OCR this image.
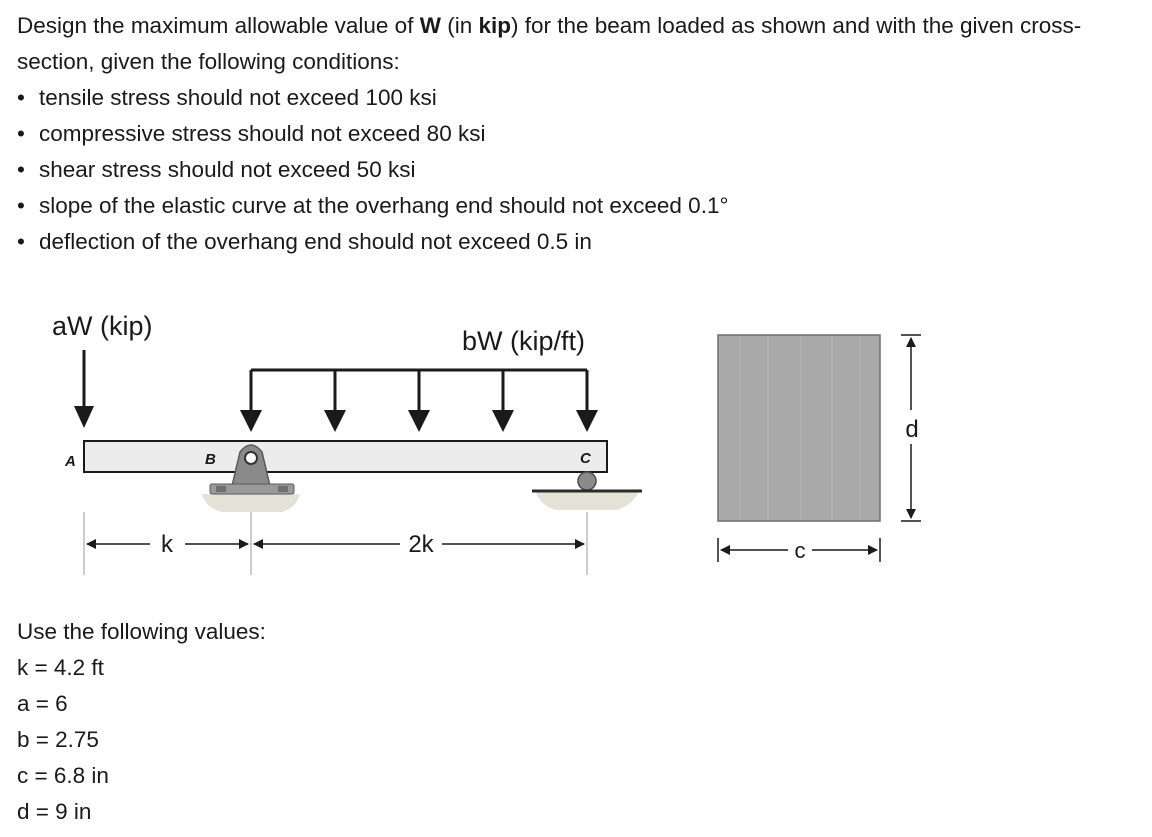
Design the maximum allowable value of W (in kip) for the beam loaded as shown and with the given cross-section, given the following conditions:

• tensile stress should not exceed 100 ksi
• compressive stress should not exceed 80 ksi
• shear stress should not exceed 50 ksi
• slope of the elastic curve at the overhang end should not exceed 0.1°
• deflection of the overhang end should not exceed 0.5 in
aW (kip)	bW (kip/ft)
A	B	C
k	2k
d
c

Use the following values:

k = 4.2 ft

a = 6

b = 2.75

c = 6.8 in

d = 9 in
